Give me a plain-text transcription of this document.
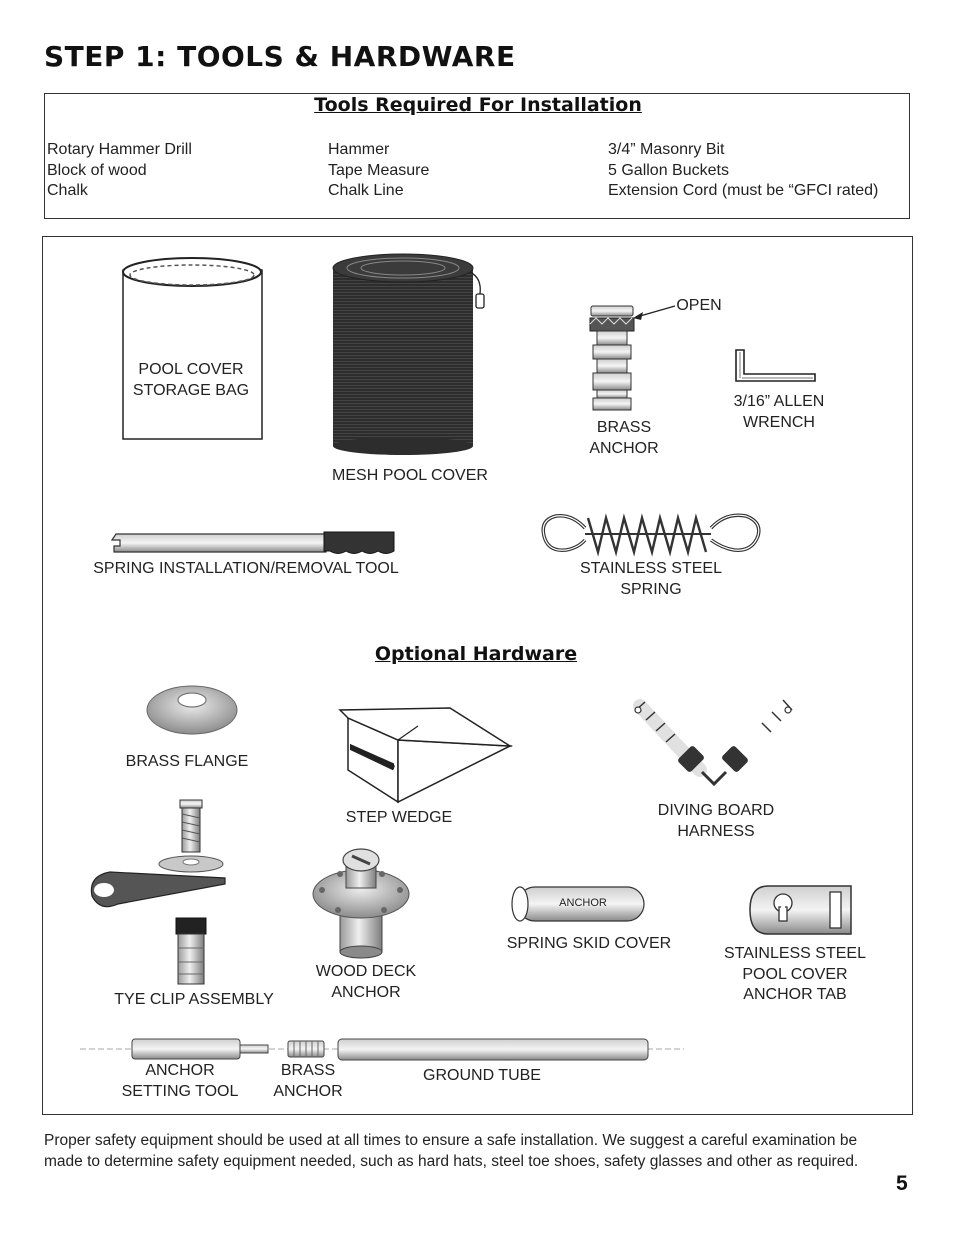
STEP 1: TOOLS & HARDWARE
Tools Required For Installation
Rotary Hammer Drill
Block of wood
Chalk
Hammer
Tape Measure
Chalk Line
3/4” Masonry Bit
5 Gallon Buckets
Extension Cord (must be “GFCI rated)
POOL COVER
STORAGE BAG
MESH POOL COVER
OPEN
BRASS
ANCHOR
3/16” ALLEN
WRENCH
SPRING INSTALLATION/REMOVAL TOOL	STAINLESS STEEL
SPRING
Optional Hardware
BRASS FLANGE
STEP WEDGE	DIVING BOARD
HARNESS
TYE CLIP ASSEMBLY
WOOD DECK
ANCHOR
SPRING SKID COVER
ANCHOR
STAINLESS STEEL
POOL COVER
ANCHOR TAB
ANCHOR
SETTING TOOL
BRASS
ANCHOR
GROUND TUBE
Proper safety equipment should be used at all times to ensure a safe installation. We suggest a careful examination be made to determine safety equipment needed, such as hard hats, steel toe shoes, safety glasses and other as required.
5
